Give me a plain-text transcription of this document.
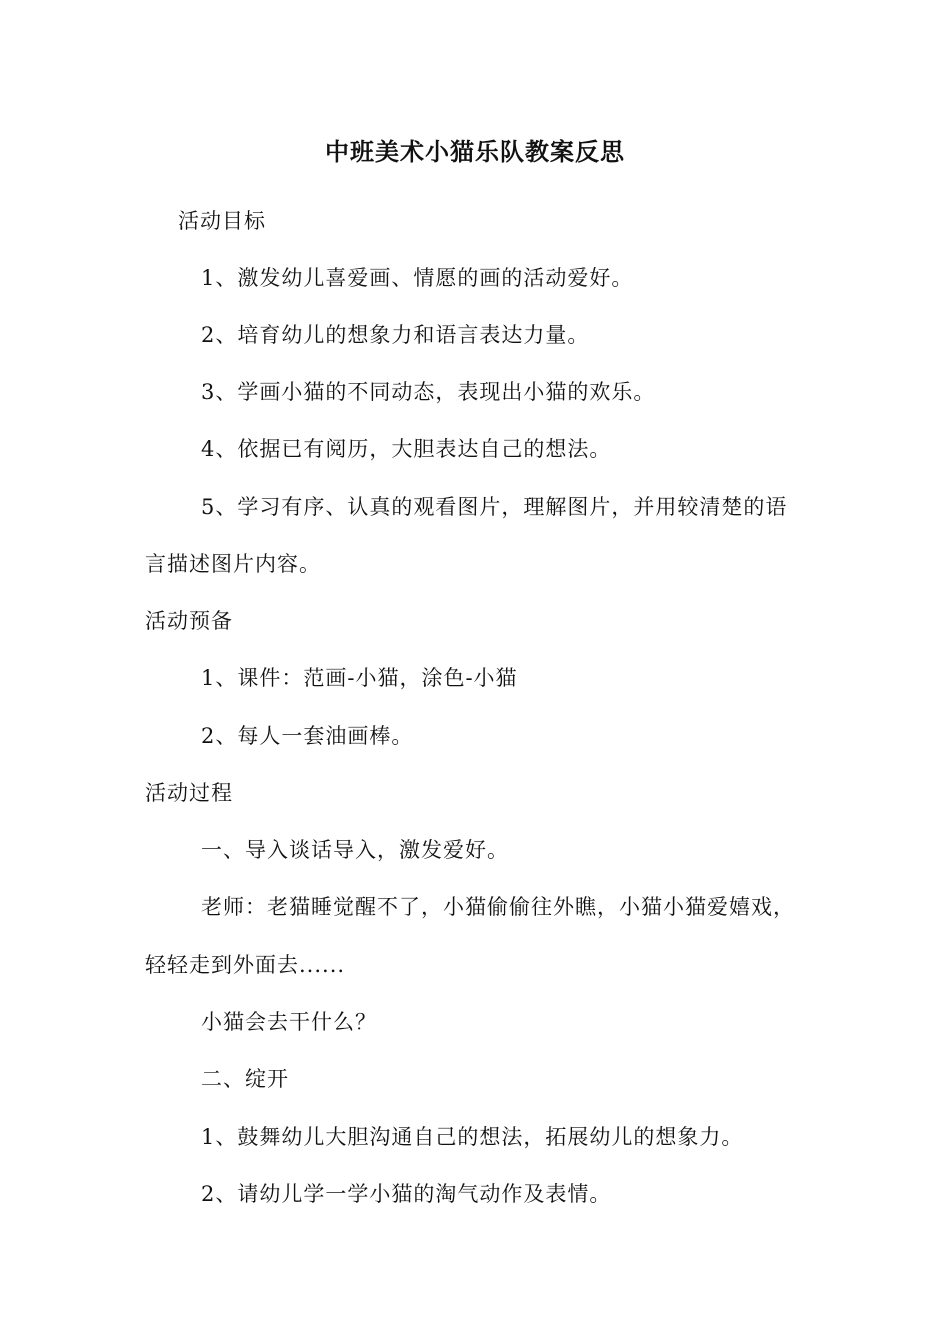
中班美术小猫乐队教案反思
活动目标
1、激发幼儿喜爱画、情愿的画的活动爱好。
2、培育幼儿的想象力和语言表达力量。
3、学画小猫的不同动态，表现出小猫的欢乐。
4、依据已有阅历，大胆表达自己的想法。
5、学习有序、认真的观看图片，理解图片，并用较清楚的语
言描述图片内容。
活动预备
1、课件：范画-小猫，涂色-小猫
2、每人一套油画棒。
活动过程
一、导入谈话导入，激发爱好。
老师：老猫睡觉醒不了，小猫偷偷往外瞧，小猫小猫爱嬉戏，
轻轻走到外面去......
小猫会去干什么？
二、绽开
1、鼓舞幼儿大胆沟通自己的想法，拓展幼儿的想象力。
2、请幼儿学一学小猫的淘气动作及表情。
